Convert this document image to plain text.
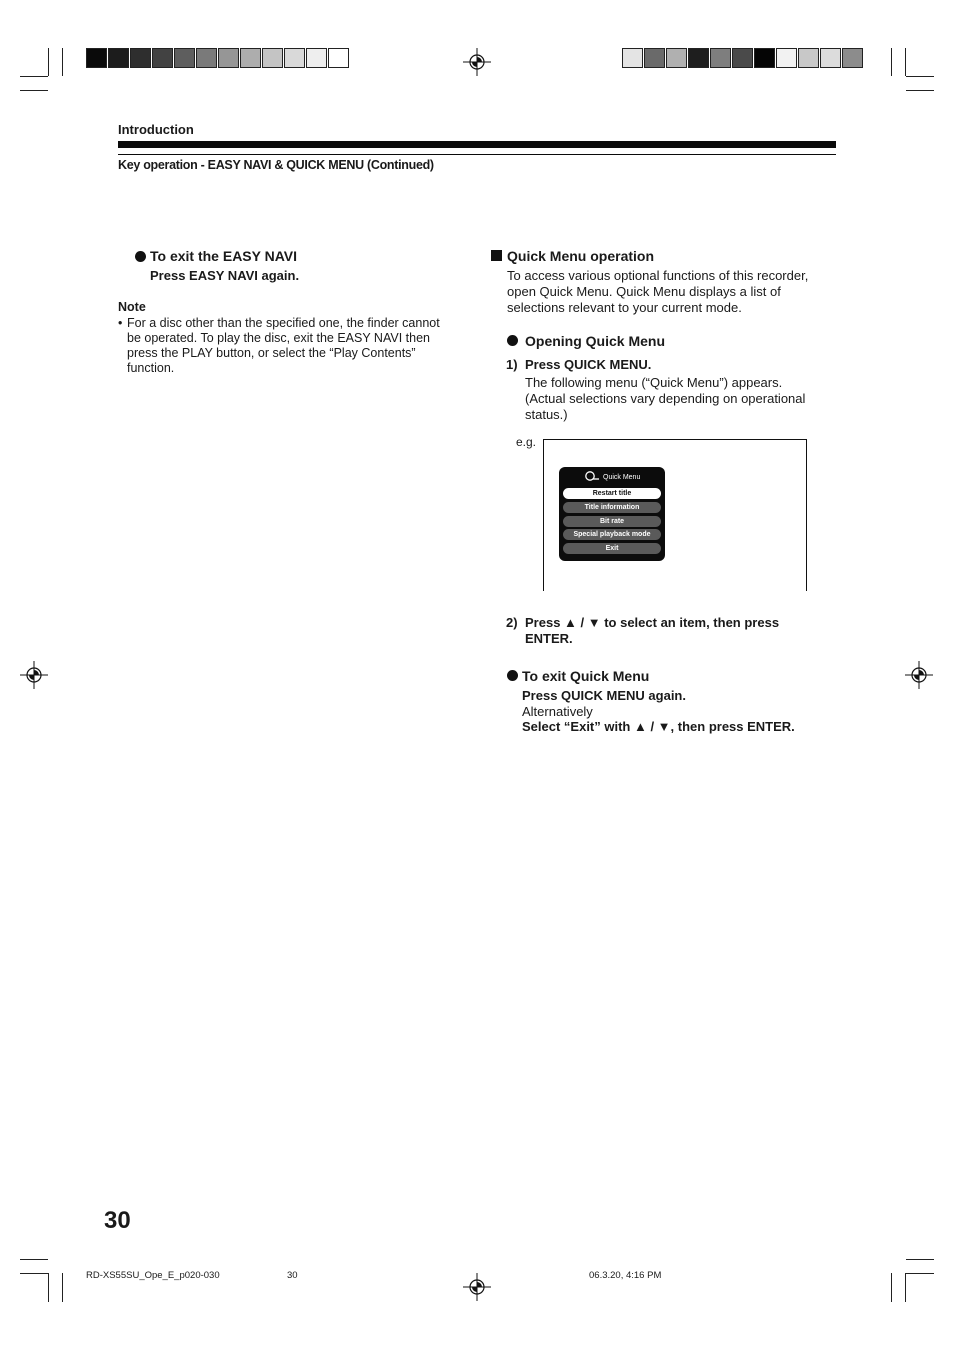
Introduction
Key operation - EASY NAVI & QUICK MENU (Continued)
To exit the EASY NAVI
Press EASY NAVI again.
Note
• For a disc other than the specified one, the finder cannot
be operated. To play the disc, exit the EASY NAVI then
press the PLAY button, or select the “Play Contents”
function.
Quick Menu operation
To access various optional functions of this recorder,
open Quick Menu. Quick Menu displays a list of
selections relevant to your current mode.
Opening Quick Menu
1) Press QUICK MENU.
The following menu (“Quick Menu”) appears.
(Actual selections vary depending on operational
status.)
e.g.
Quick Menu
Restart title
Title information
Bit rate
Special playback mode
Exit
2) Press ▲ / ▼ to select an item, then press
ENTER.
To exit Quick Menu
Press QUICK MENU again.
Alternatively
Select “Exit” with ▲ / ▼, then press ENTER.
30
RD-XS55SU_Ope_E_p020-030	30	06.3.20, 4:16 PM
